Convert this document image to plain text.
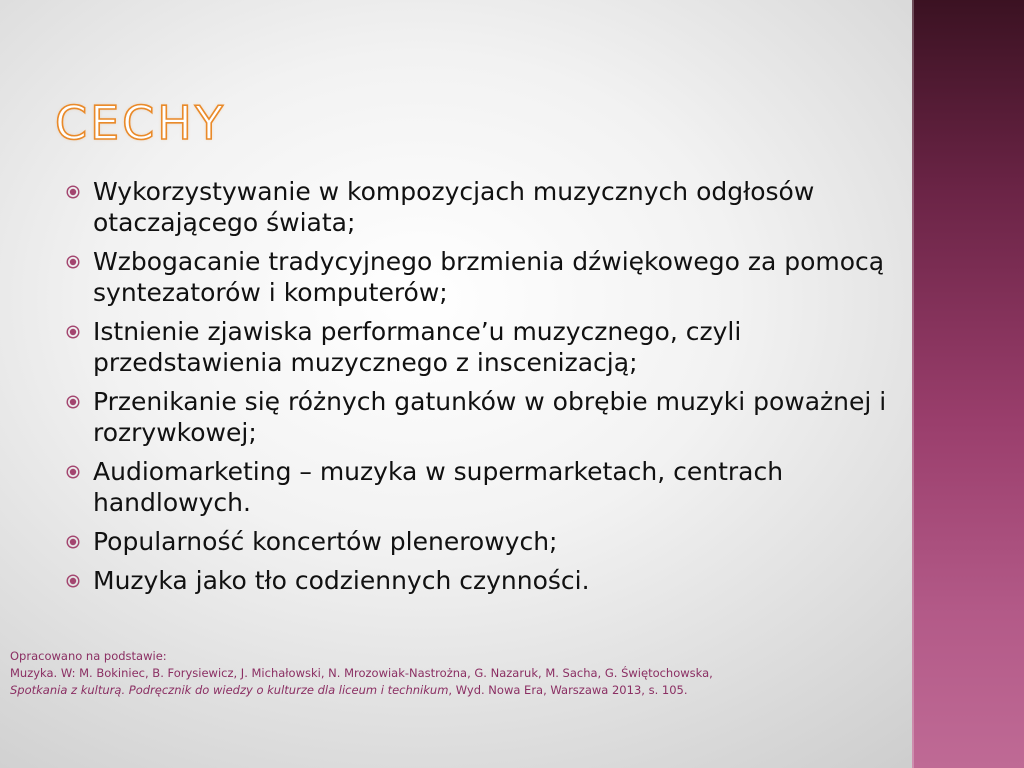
CECHY
Wykorzystywanie w kompozycjach muzycznych odgłosów otaczającego świata;
Wzbogacanie tradycyjnego brzmienia dźwiękowego za pomocą syntezatorów i komputerów;
Istnienie zjawiska performance’u muzycznego, czyli przedstawienia muzycznego z inscenizacją;
Przenikanie się różnych gatunków w obrębie muzyki poważnej i rozrywkowej;
Audiomarketing – muzyka w supermarketach, centrach handlowych.
Popularność koncertów plenerowych;
Muzyka jako tło codziennych czynności.
Opracowano na podstawie:
Muzyka. W: M. Bokiniec, B. Forysiewicz, J. Michałowski, N. Mrozowiak-Nastrożna, G. Nazaruk, M. Sacha, G. Świętochowska,
Spotkania z kulturą. Podręcznik do wiedzy o kulturze dla liceum i technikum, Wyd. Nowa Era, Warszawa 2013, s. 105.
